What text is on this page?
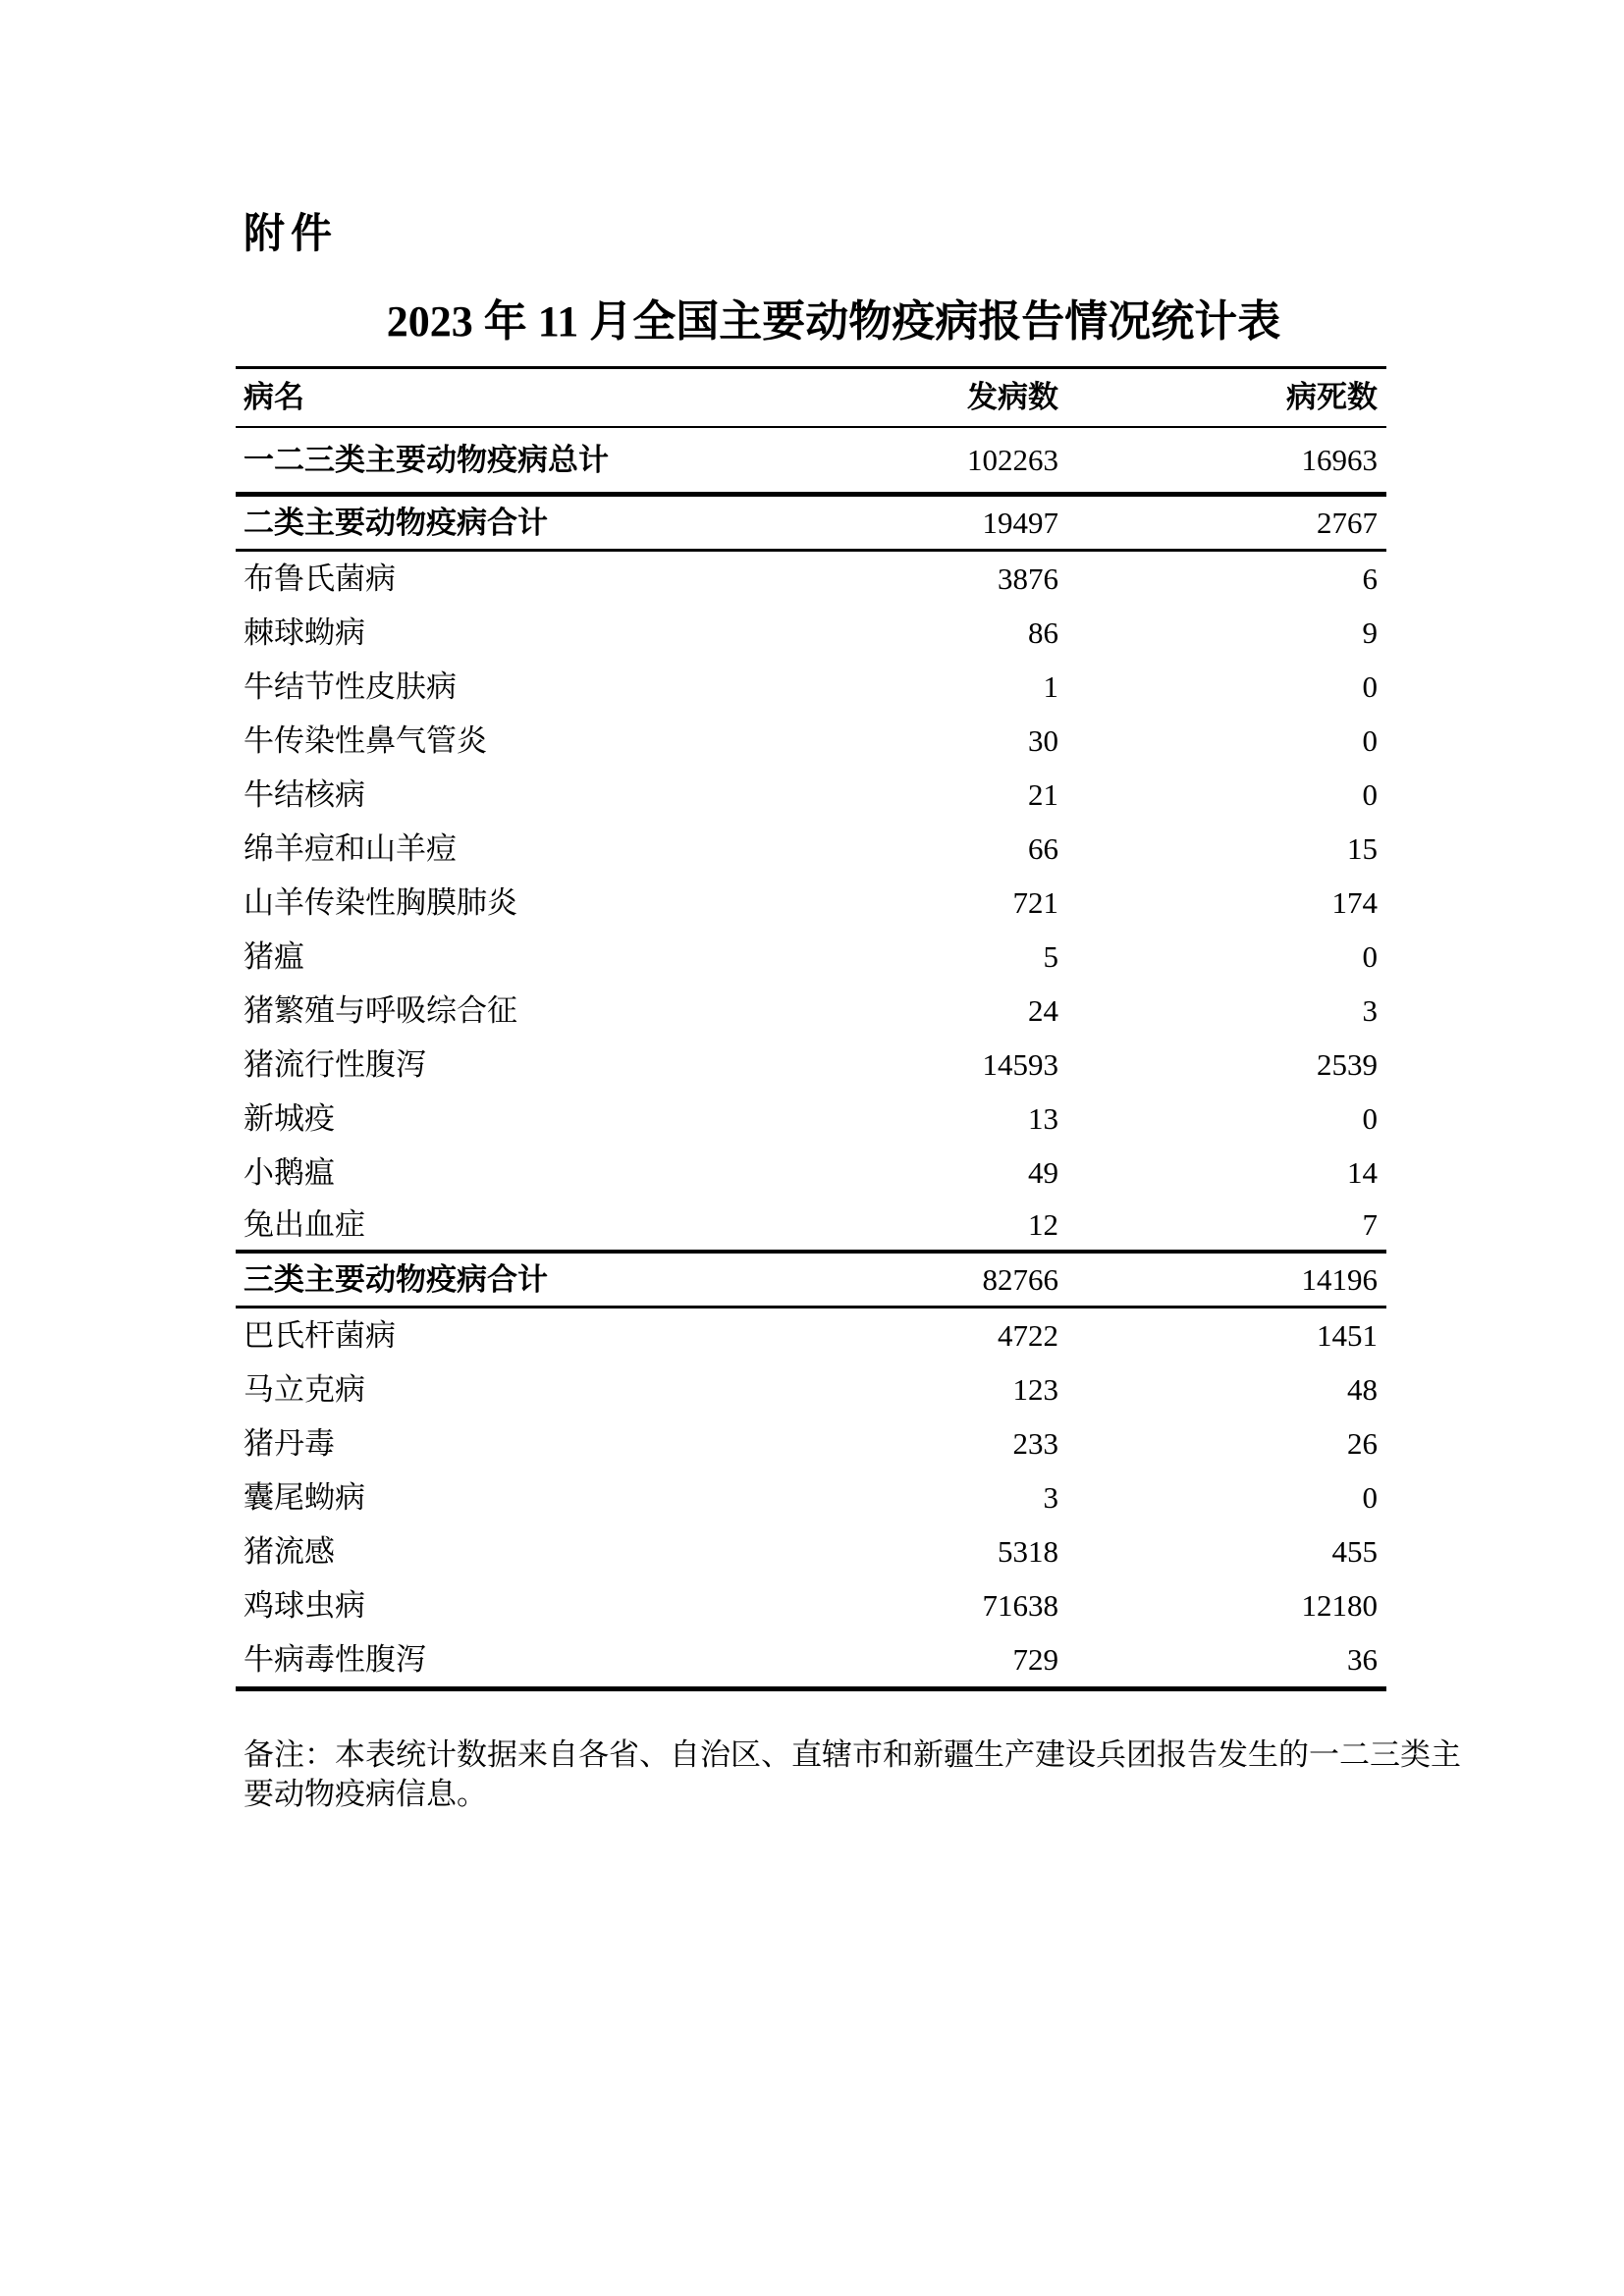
附件
2023 年 11 月全国主要动物疫病报告情况统计表
病名	发病数	病死数
一二三类主要动物疫病总计	102263	16963
二类主要动物疫病合计	19497	2767
布鲁氏菌病	3876	6
棘球蚴病	86	9
牛结节性皮肤病	1	0
牛传染性鼻气管炎	30	0
牛结核病	21	0
绵羊痘和山羊痘	66	15
山羊传染性胸膜肺炎	721	174
猪瘟	5	0
猪繁殖与呼吸综合征	24	3
猪流行性腹泻	14593	2539
新城疫	13	0
小鹅瘟	49	14
兔出血症	12	7
三类主要动物疫病合计	82766	14196
巴氏杆菌病	4722	1451
马立克病	123	48
猪丹毒	233	26
囊尾蚴病	3	0
猪流感	5318	455
鸡球虫病	71638	12180
牛病毒性腹泻	729	36
备注：本表统计数据来自各省、自治区、直辖市和新疆生产建设兵团报告发生的一二三类主
要动物疫病信息。
